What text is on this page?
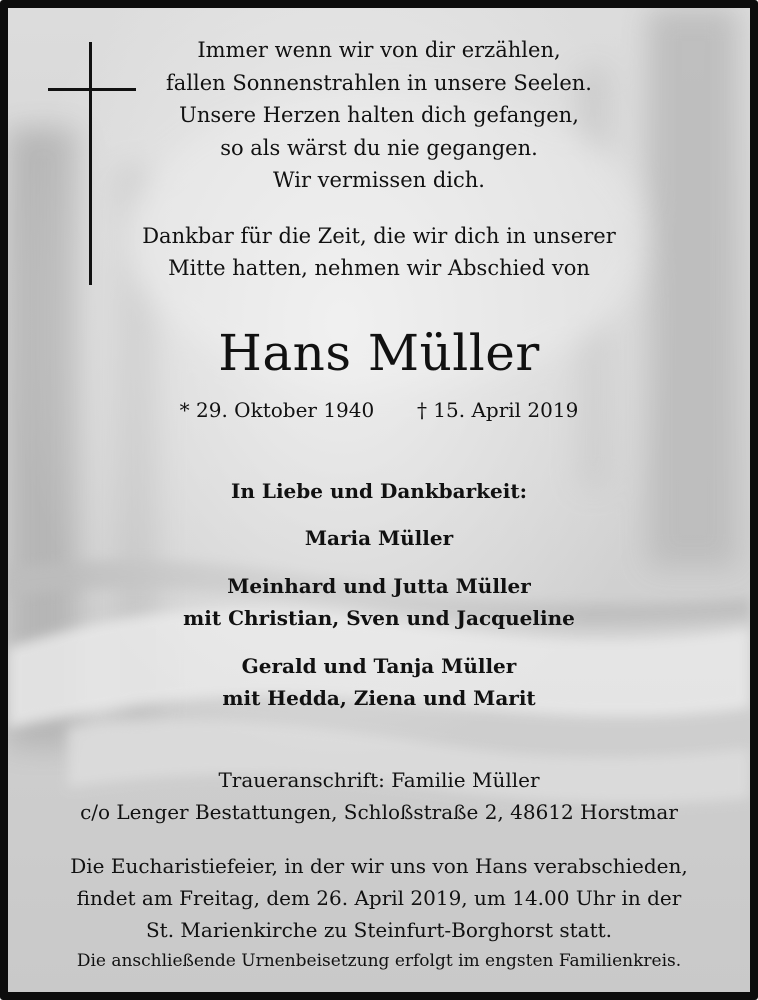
Immer wenn wir von dir erzählen,
fallen Sonnenstrahlen in unsere Seelen.
Unsere Herzen halten dich gefangen,
so als wärst du nie gegangen.
Wir vermissen dich.
Dankbar für die Zeit, die wir dich in unserer
Mitte hatten, nehmen wir Abschied von
Hans Müller
* 29. Oktober 1940 † 15. April 2019
In Liebe und Dankbarkeit:
Maria Müller
Meinhard und Jutta Müller
mit Christian, Sven und Jacqueline
Gerald und Tanja Müller
mit Hedda, Ziena und Marit
Traueranschrift: Familie Müller
c/o Lenger Bestattungen, Schloßstraße 2, 48612 Horstmar
Die Eucharistiefeier, in der wir uns von Hans verabschieden,
findet am Freitag, dem 26. April 2019, um 14.00 Uhr in der
St. Marienkirche zu Steinfurt-Borghorst statt.
Die anschließende Urnenbeisetzung erfolgt im engsten Familienkreis.
